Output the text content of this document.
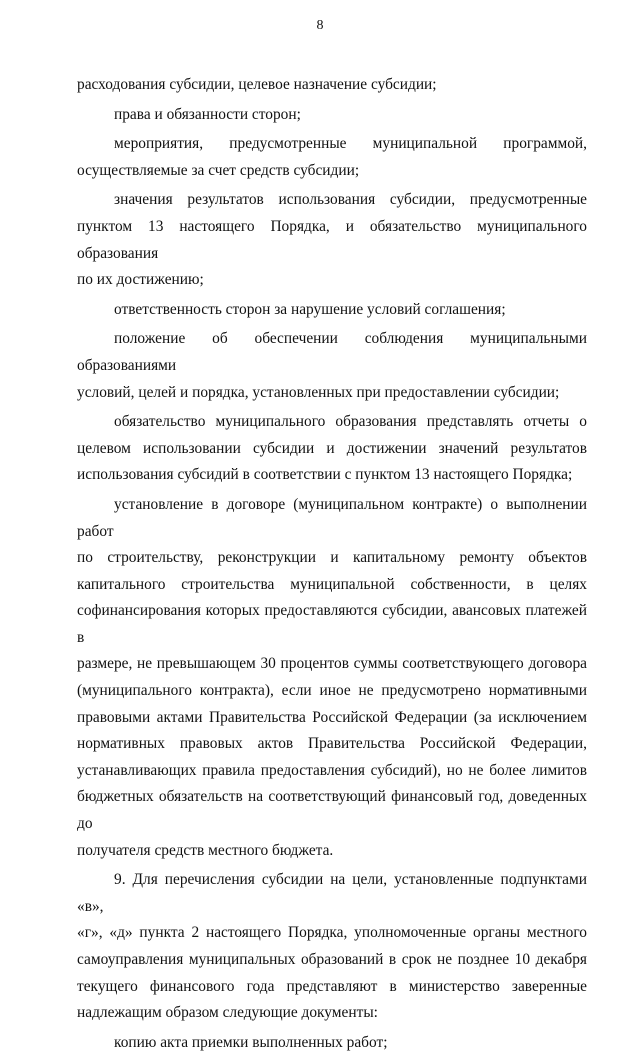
8
расходования субсидии, целевое назначение субсидии;
права и обязанности сторон;
мероприятия, предусмотренные муниципальной программой,
осуществляемые за счет средств субсидии;
значения результатов использования субсидии, предусмотренные
пунктом 13 настоящего Порядка, и обязательство муниципального образования
по их достижению;
ответственность сторон за нарушение условий соглашения;
положение об обеспечении соблюдения муниципальными образованиями
условий, целей и порядка, установленных при предоставлении субсидии;
обязательство муниципального образования представлять отчеты о
целевом использовании субсидии и достижении значений результатов
использования субсидий в соответствии с пунктом 13 настоящего Порядка;
установление в договоре (муниципальном контракте) о выполнении работ
по строительству, реконструкции и капитальному ремонту объектов
капитального строительства муниципальной собственности, в целях
софинансирования которых предоставляются субсидии, авансовых платежей в
размере, не превышающем 30 процентов суммы соответствующего договора
(муниципального контракта), если иное не предусмотрено нормативными
правовыми актами Правительства Российской Федерации (за исключением
нормативных правовых актов Правительства Российской Федерации,
устанавливающих правила предоставления субсидий), но не более лимитов
бюджетных обязательств на соответствующий финансовый год, доведенных до
получателя средств местного бюджета.
9. Для перечисления субсидии на цели, установленные подпунктами «в»,
«г», «д» пункта 2 настоящего Порядка, уполномоченные органы местного
самоуправления муниципальных образований в срок не позднее 10 декабря
текущего финансового года представляют в министерство заверенные
надлежащим образом следующие документы:
копию акта приемки выполненных работ;
